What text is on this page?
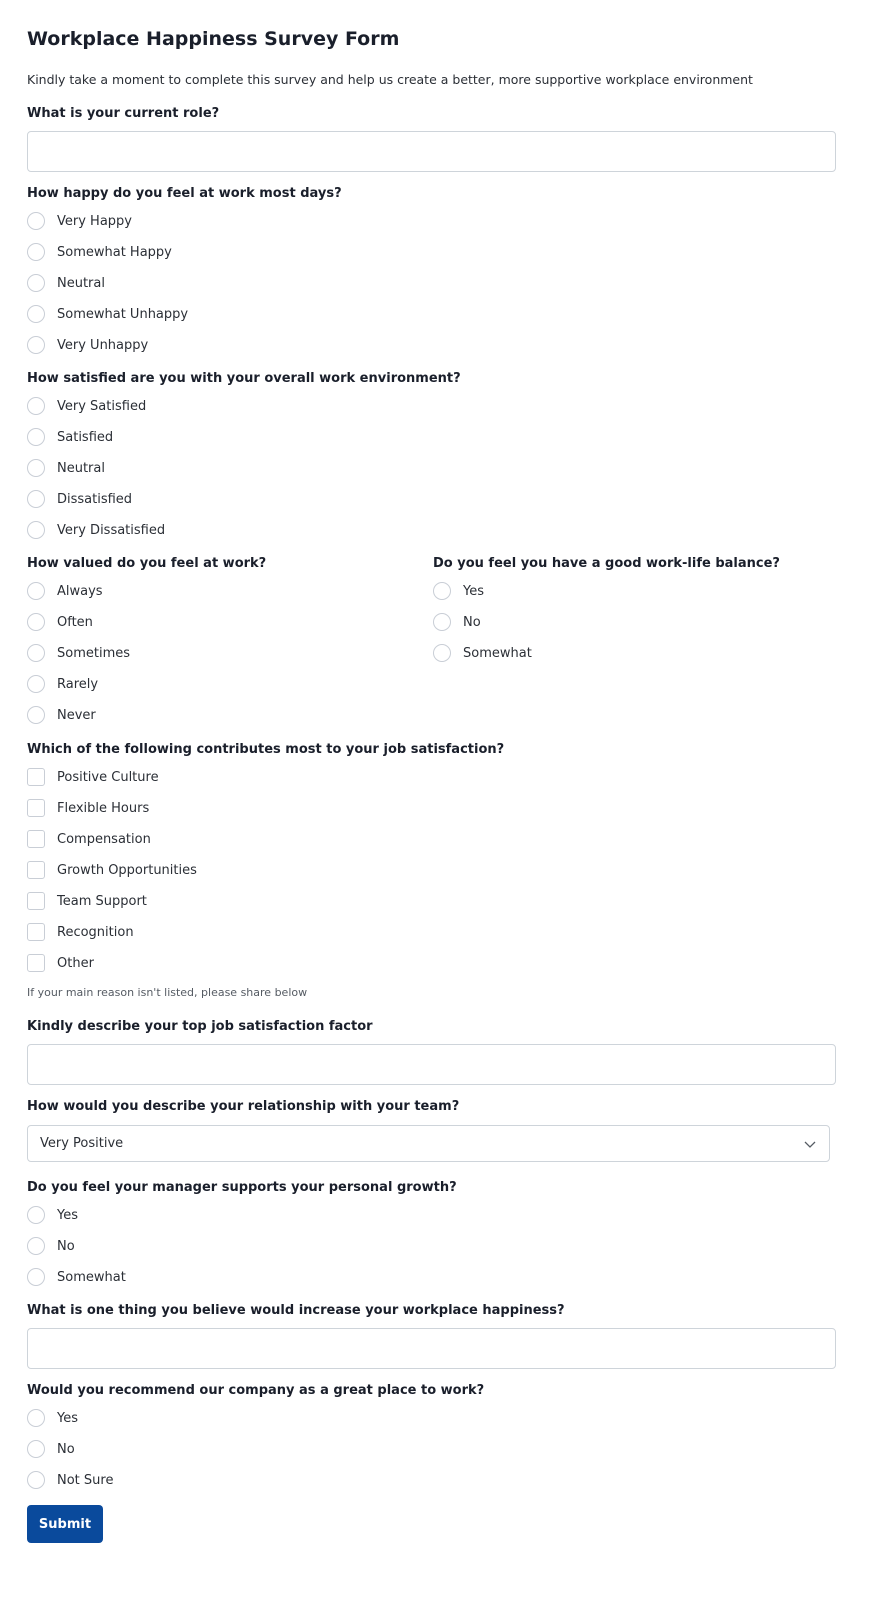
Workplace Happiness Survey Form
Kindly take a moment to complete this survey and help us create a better, more supportive workplace environment
What is your current role?
How happy do you feel at work most days?
Very Happy
Somewhat Happy
Neutral
Somewhat Unhappy
Very Unhappy
How satisfied are you with your overall work environment?
Very Satisfied
Satisfied
Neutral
Dissatisfied
Very Dissatisfied
How valued do you feel at work?
Always
Often
Sometimes
Rarely
Never
Do you feel you have a good work-life balance?
Yes
No
Somewhat
Which of the following contributes most to your job satisfaction?
Positive Culture
Flexible Hours
Compensation
Growth Opportunities
Team Support
Recognition
Other
If your main reason isn't listed, please share below
Kindly describe your top job satisfaction factor
How would you describe your relationship with your team?
Very Positive
Do you feel your manager supports your personal growth?
Yes
No
Somewhat
What is one thing you believe would increase your workplace happiness?
Would you recommend our company as a great place to work?
Yes
No
Not Sure
Submit
